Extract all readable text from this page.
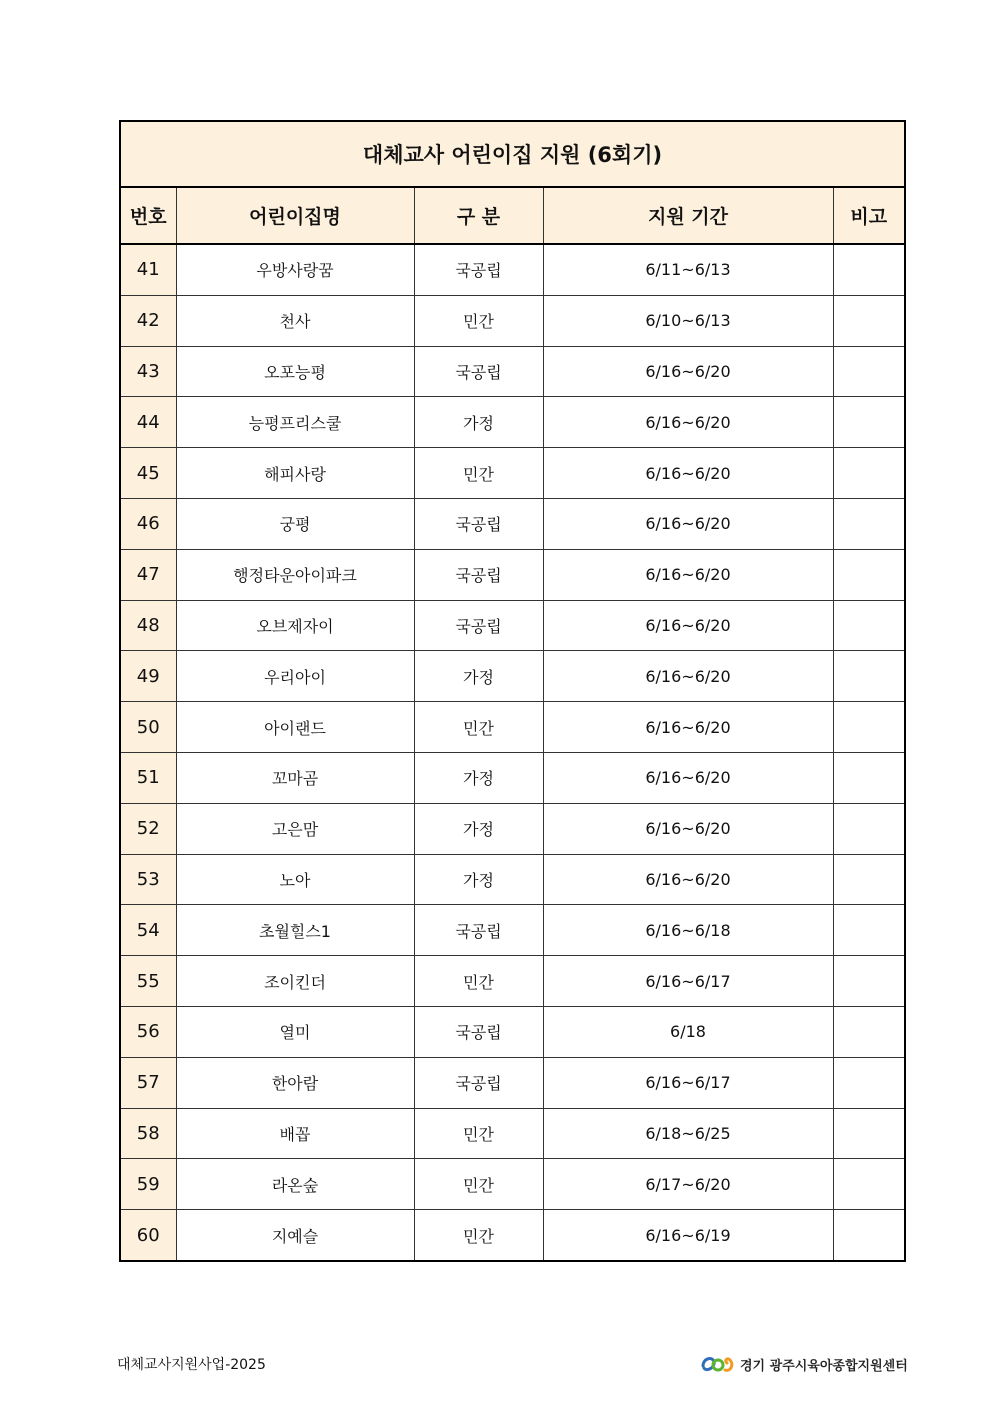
대체교사 어린이집 지원 (6회기)				
번호	어린이집명	구 분	지원 기간	비고
41	우방사랑꿈	국공립	6/11~6/13	
42	천사	민간	6/10~6/13	
43	오포능평	국공립	6/16~6/20	
44	능평프리스쿨	가정	6/16~6/20	
45	해피사랑	민간	6/16~6/20	
46	궁평	국공립	6/16~6/20	
47	행정타운아이파크	국공립	6/16~6/20	
48	오브제자이	국공립	6/16~6/20	
49	우리아이	가정	6/16~6/20	
50	아이랜드	민간	6/16~6/20	
51	꼬마곰	가정	6/16~6/20	
52	고은맘	가정	6/16~6/20	
53	노아	가정	6/16~6/20	
54	초월힐스1	국공립	6/16~6/18	
55	조이킨더	민간	6/16~6/17	
56	열미	국공립	6/18	
57	한아람	국공립	6/16~6/17	
58	배꼽	민간	6/18~6/25	
59	라온숲	민간	6/17~6/20	
60	지예슬	민간	6/16~6/19	
대체교사지원사업-2025	경기 광주시육아종합지원센터
